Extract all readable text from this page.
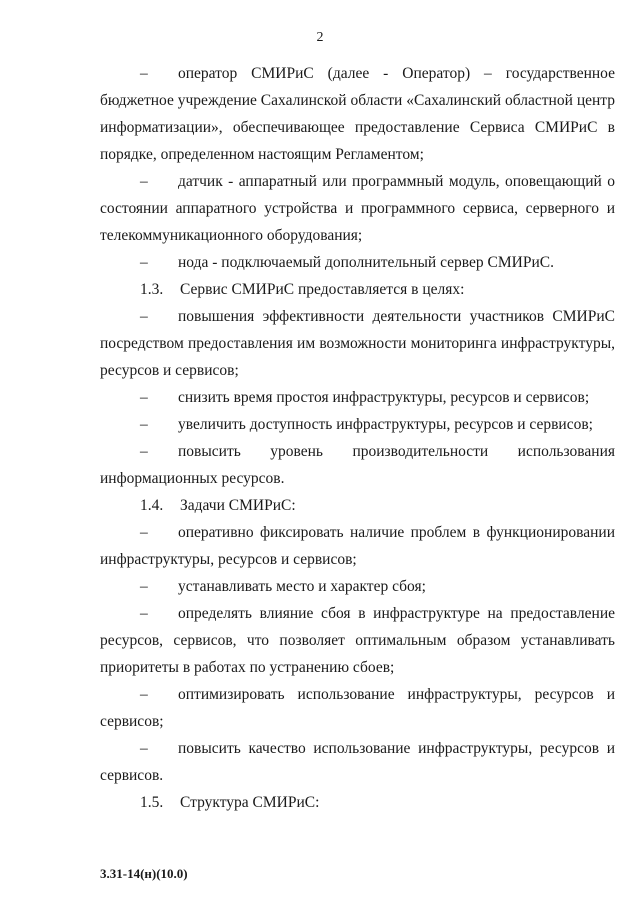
2
– оператор СМИРиС (далее - Оператор) – государственное
бюджетное учреждение Сахалинской области «Сахалинский областной центр
информатизации», обеспечивающее предоставление Сервиса СМИРиС в
порядке, определенном настоящим Регламентом;
– датчик - аппаратный или программный модуль, оповещающий о
состоянии аппаратного устройства и программного сервиса, серверного и
телекоммуникационного оборудования;
– нода - подключаемый дополнительный сервер СМИРиС.
1.3. Сервис СМИРиС предоставляется в целях:
– повышения эффективности деятельности участников СМИРиС
посредством предоставления им возможности мониторинга инфраструктуры,
ресурсов и сервисов;
– снизить время простоя инфраструктуры, ресурсов и сервисов;
– увеличить доступность инфраструктуры, ресурсов и сервисов;
– повысить уровень производительности использования
информационных ресурсов.
1.4. Задачи СМИРиС:
– оперативно фиксировать наличие проблем в функционировании
инфраструктуры, ресурсов и сервисов;
– устанавливать место и характер сбоя;
– определять влияние сбоя в инфраструктуре на предоставление
ресурсов, сервисов, что позволяет оптимальным образом устанавливать
приоритеты в работах по устранению сбоев;
– оптимизировать использование инфраструктуры, ресурсов и
сервисов;
– повысить качество использование инфраструктуры, ресурсов и
сервисов.
1.5. Структура СМИРиС:
3.31-14(н)(10.0)
